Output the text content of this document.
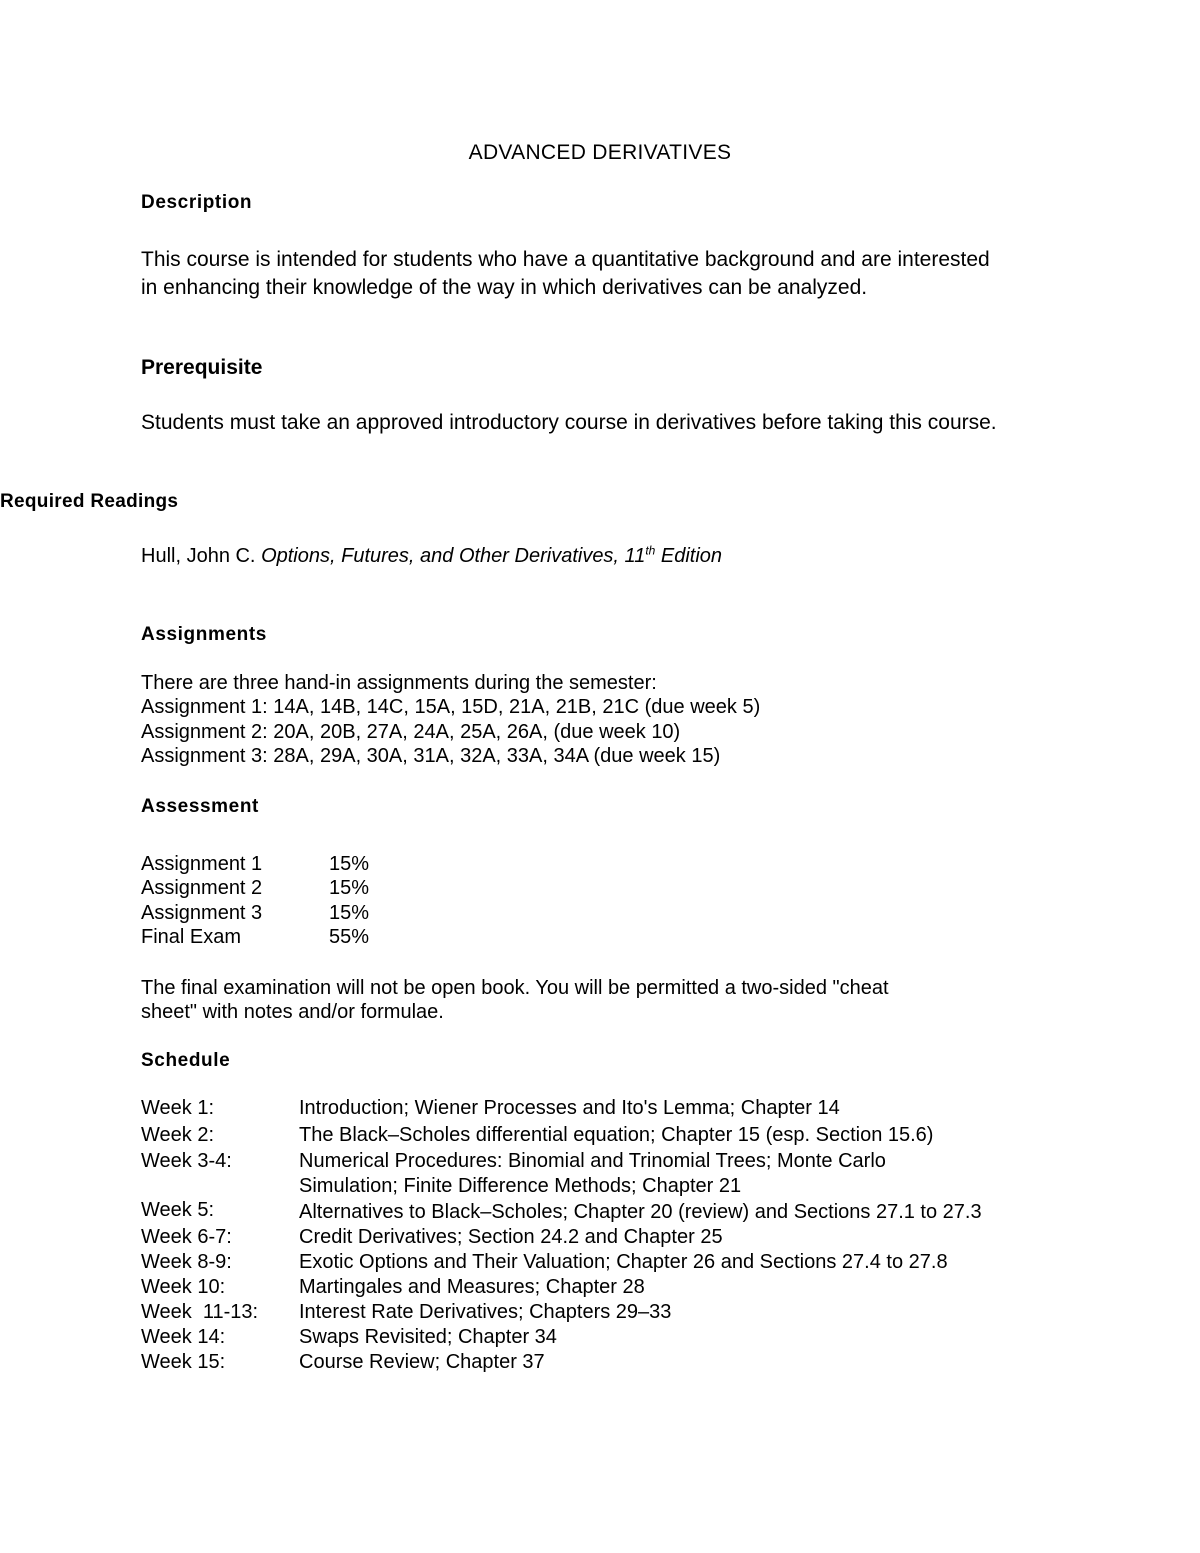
ADVANCED DERIVATIVES
Description
This course is intended for students who have a quantitative background and are interested in enhancing their knowledge of the way in which derivatives can be analyzed.
Prerequisite
Students must take an approved introductory course in derivatives before taking this course.
Required Readings
Hull, John C. Options, Futures, and Other Derivatives, 11th Edition
Assignments
There are three hand-in assignments during the semester:
Assignment 1: 14A, 14B, 14C, 15A, 15D, 21A, 21B, 21C (due week 5)
Assignment 2: 20A, 20B, 27A, 24A, 25A, 26A, (due week 10)
Assignment 3: 28A, 29A, 30A, 31A, 32A, 33A, 34A (due week 15)
Assessment
Assignment 1	15%
Assignment 2	15%
Assignment 3	15%
Final Exam	55%
The final examination will not be open book. You will be permitted a two-sided "cheat
sheet" with notes and/or formulae.
Schedule
Week 1:	Introduction; Wiener Processes and Ito's Lemma; Chapter 14
Week 2:	The Black–Scholes differential equation; Chapter 15 (esp. Section 15.6)
Week 3-4:	Numerical Procedures: Binomial and Trinomial Trees; Monte Carlo
Simulation; Finite Difference Methods; Chapter 21
Week 5:	Alternatives to Black–Scholes; Chapter 20 (review) and Sections 27.1 to 27.3
Week 6-7:	Credit Derivatives; Section 24.2 and Chapter 25
Week 8-9:	Exotic Options and Their Valuation; Chapter 26 and Sections 27.4 to 27.8
Week 10:	Martingales and Measures; Chapter 28
Week  11-13: Interest Rate Derivatives; Chapters 29–33
Week 14:	Swaps Revisited; Chapter 34
Week 15:	Course Review; Chapter 37
